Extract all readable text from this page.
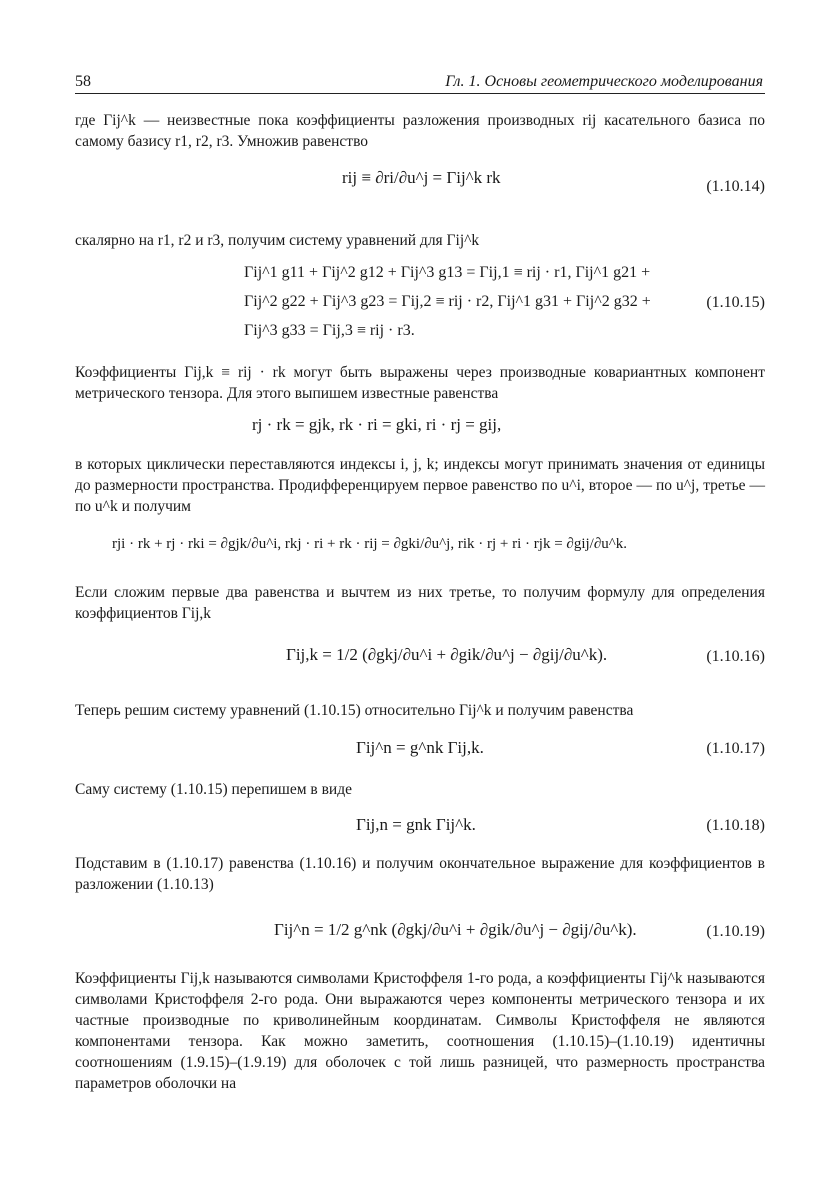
58	Гл. 1. Основы геометрического моделирования
где Γij^k — неизвестные пока коэффициенты разложения производных rij касательного базиса по самому базису r1, r2, r3. Умножив равенство
rij ≡ ∂ri/∂u^j = Γij^k rk	(1.10.14)
скалярно на r1, r2 и r3, получим систему уравнений для Γij^k
Γij^1 g11 + Γij^2 g12 + Γij^3 g13 = Γij,1 ≡ rij · r1, Γij^1 g21 + Γij^2 g22 + Γij^3 g23 = Γij,2 ≡ rij · r2, Γij^1 g31 + Γij^2 g32 + Γij^3 g33 = Γij,3 ≡ rij · r3.
(1.10.15)
Коэффициенты Γij,k ≡ rij · rk могут быть выражены через производные ковариантных компонент метрического тензора. Для этого выпишем известные равенства
rj · rk = gjk, rk · ri = gki, ri · rj = gij,
в которых циклически переставляются индексы i, j, k; индексы могут принимать значения от единицы до размерности пространства. Продифференцируем первое равенство по u^i, второе — по u^j, третье — по u^k и получим
rji · rk + rj · rki = ∂gjk/∂u^i, rkj · ri + rk · rij = ∂gki/∂u^j, rik · rj + ri · rjk = ∂gij/∂u^k.
Если сложим первые два равенства и вычтем из них третье, то получим формулу для определения коэффициентов Γij,k
Γij,k = 1/2 (∂gkj/∂u^i + ∂gik/∂u^j − ∂gij/∂u^k).	(1.10.16)
Теперь решим систему уравнений (1.10.15) относительно Γij^k и получим равенства
Γij^n = g^nk Γij,k.	(1.10.17)
Саму систему (1.10.15) перепишем в виде
Γij,n = gnk Γij^k.	(1.10.18)
Подставим в (1.10.17) равенства (1.10.16) и получим окончательное выражение для коэффициентов в разложении (1.10.13)
Γij^n = 1/2 g^nk (∂gkj/∂u^i + ∂gik/∂u^j − ∂gij/∂u^k).	(1.10.19)
Коэффициенты Γij,k называются символами Кристоффеля 1-го рода, а коэффициенты Γij^k называются символами Кристоффеля 2-го рода. Они выражаются через компоненты метрического тензора и их частные производные по криволинейным координатам. Символы Кристоффеля не являются компонентами тензора. Как можно заметить, соотношения (1.10.15)–(1.10.19) идентичны соотношениям (1.9.15)–(1.9.19) для оболочек с той лишь разницей, что размерность пространства параметров оболочки на
